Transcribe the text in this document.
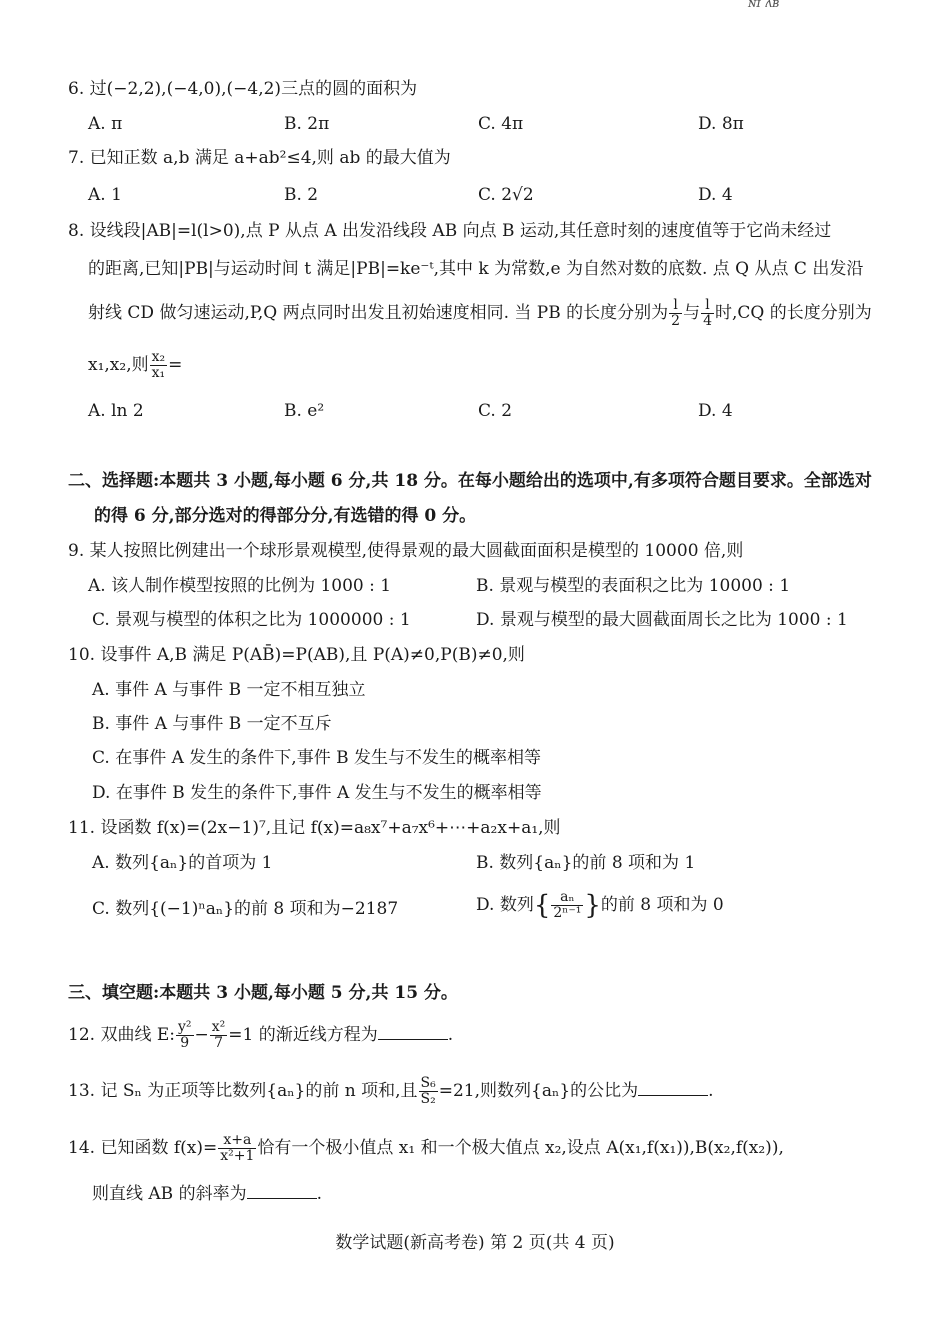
ɴɪ ʌʙ
6. 过(−2,2),(−4,0),(−4,2)三点的圆的面积为
A. π	B. 2π	C. 4π	D. 8π
7. 已知正数 a,b 满足 a+ab²≤4,则 ab 的最大值为
A. 1	B. 2	C. 2√2	D. 4
8. 设线段|AB|=l(l>0),点 P 从点 A 出发沿线段 AB 向点 B 运动,其任意时刻的速度值等于它尚未经过
的距离,已知|PB|与运动时间 t 满足|PB|=ke⁻ᵗ,其中 k 为常数,e 为自然对数的底数. 点 Q 从点 C 出发沿
射线 CD 做匀速运动,P,Q 两点同时出发且初始速度相同. 当 PB 的长度分别为 $\frac{l}{2}$ 与 $\frac{l}{4}$ 时,CQ 的长度分别为
x₁,x₂,则 $\frac{\text{x₂}}{\text{x₁}}$ =
A. ln 2	B. e²	C. 2	D. 4
二、选择题:本题共 3 小题,每小题 6 分,共 18 分。在每小题给出的选项中,有多项符合题目要求。全部选对
的得 6 分,部分选对的得部分分,有选错的得 0 分。
9. 某人按照比例建出一个球形景观模型,使得景观的最大圆截面面积是模型的 10000 倍,则
A. 该人制作模型按照的比例为 1000 : 1	B. 景观与模型的表面积之比为 10000 : 1
C. 景观与模型的体积之比为 1000000 : 1	D. 景观与模型的最大圆截面周长之比为 1000 : 1
10. 设事件 A,B 满足 P(AB̄)=P(AB),且 P(A)≠0,P(B)≠0,则
A. 事件 A 与事件 B 一定不相互独立
B. 事件 A 与事件 B 一定不互斥
C. 在事件 A 发生的条件下,事件 B 发生与不发生的概率相等
D. 在事件 B 发生的条件下,事件 A 发生与不发生的概率相等
11. 设函数 f(x)=(2x−1)⁷,且记 f(x)=a₈x⁷+a₇x⁶+⋯+a₂x+a₁,则
A. 数列{aₙ}的首项为 1	B. 数列{aₙ}的前 8 项和为 1
C. 数列{(−1)ⁿaₙ}的前 8 项和为−2187	D. 数列{ $\frac{\text{aₙ}}{\text{2ⁿ⁻¹}}$ }的前 8 项和为 0
三、填空题:本题共 3 小题,每小题 5 分,共 15 分。
12. 双曲线 E: $\frac{\text{y²}}{9} - \frac{\text{x²}}{7} =1$ 的渐近线方程为	.
13. 记 Sₙ 为正项等比数列{aₙ}的前 n 项和,且 $\frac{\text{S₆}}{\text{S₂}} =21$,则数列{aₙ}的公比为	.
14. 已知函数 $f(x)= \frac{x+a}{\text{x²+1}}$ 恰有一个极小值点 x₁ 和一个极大值点 x₂,设点 A(x₁,f(x₁)),B(x₂,f(x₂)),
则直线 AB 的斜率为	.
数学试题(新高考卷) 第 2 页(共 4 页)
